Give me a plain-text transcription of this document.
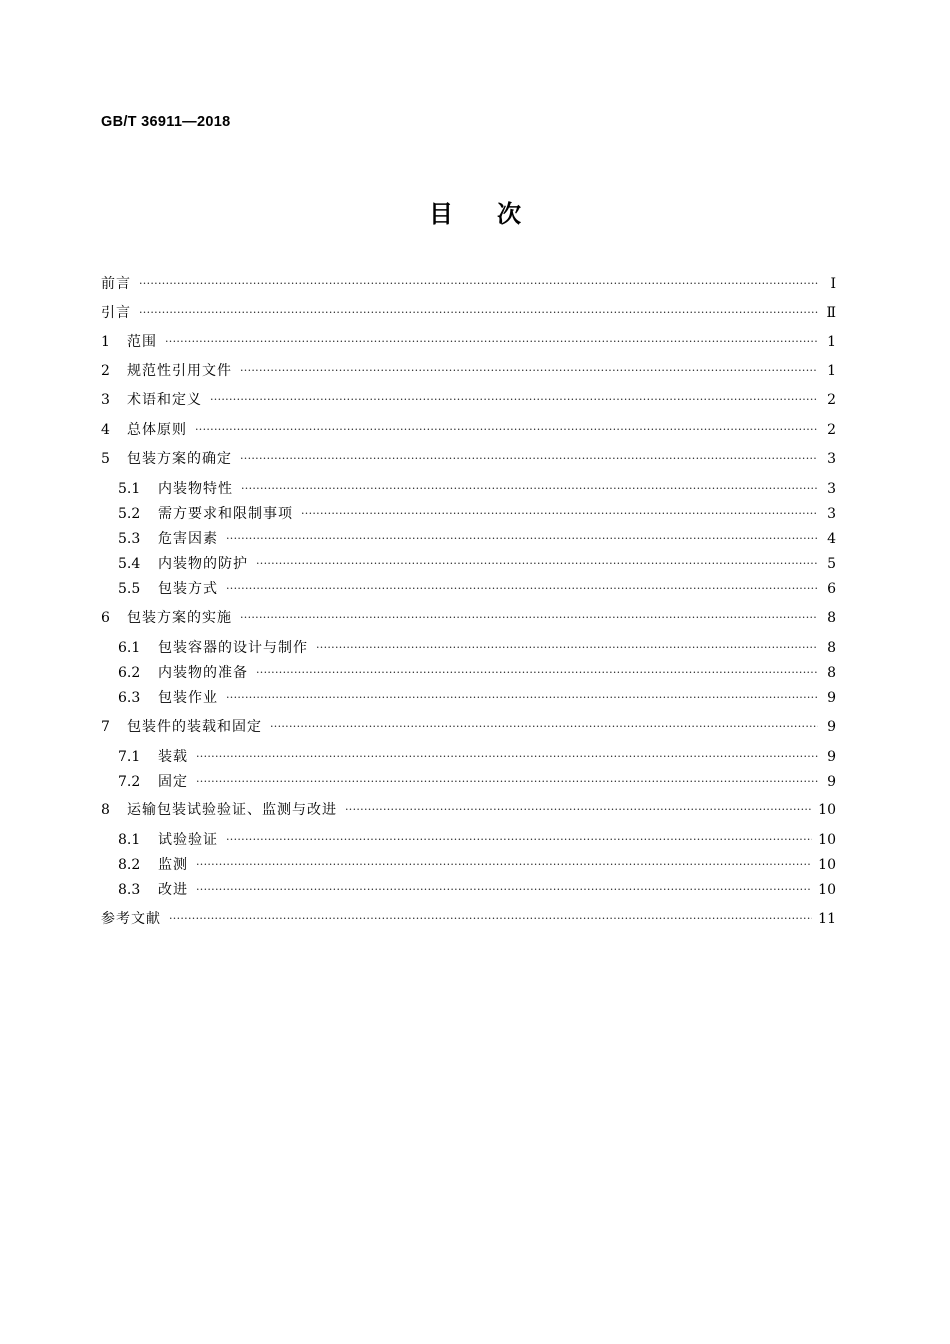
GB/T 36911—2018
目次
前言 ·····	Ⅰ
引言 ·····	Ⅱ
1	范围 ·····	1
2	规范性引用文件 ·····	1
3	术语和定义 ·····	2
4	总体原则 ·····	2
5	包装方案的确定 ·····	3
5.1	内装物特性 ·····	3
5.2	需方要求和限制事项 ·····	3
5.3	危害因素 ·····	4
5.4	内装物的防护 ·····	5
5.5	包装方式 ·····	6
6	包装方案的实施 ·····	8
6.1	包装容器的设计与制作 ·····	8
6.2	内装物的准备 ·····	8
6.3	包装作业 ·····	9
7	包装件的装载和固定 ·····	9
7.1	装载 ·····	9
7.2	固定 ·····	9
8	运输包装试验验证、监测与改进 ·····	10
8.1	试验验证 ·····	10
8.2	监测 ·····	10
8.3	改进 ·····	10
参考文献 ·····	11
